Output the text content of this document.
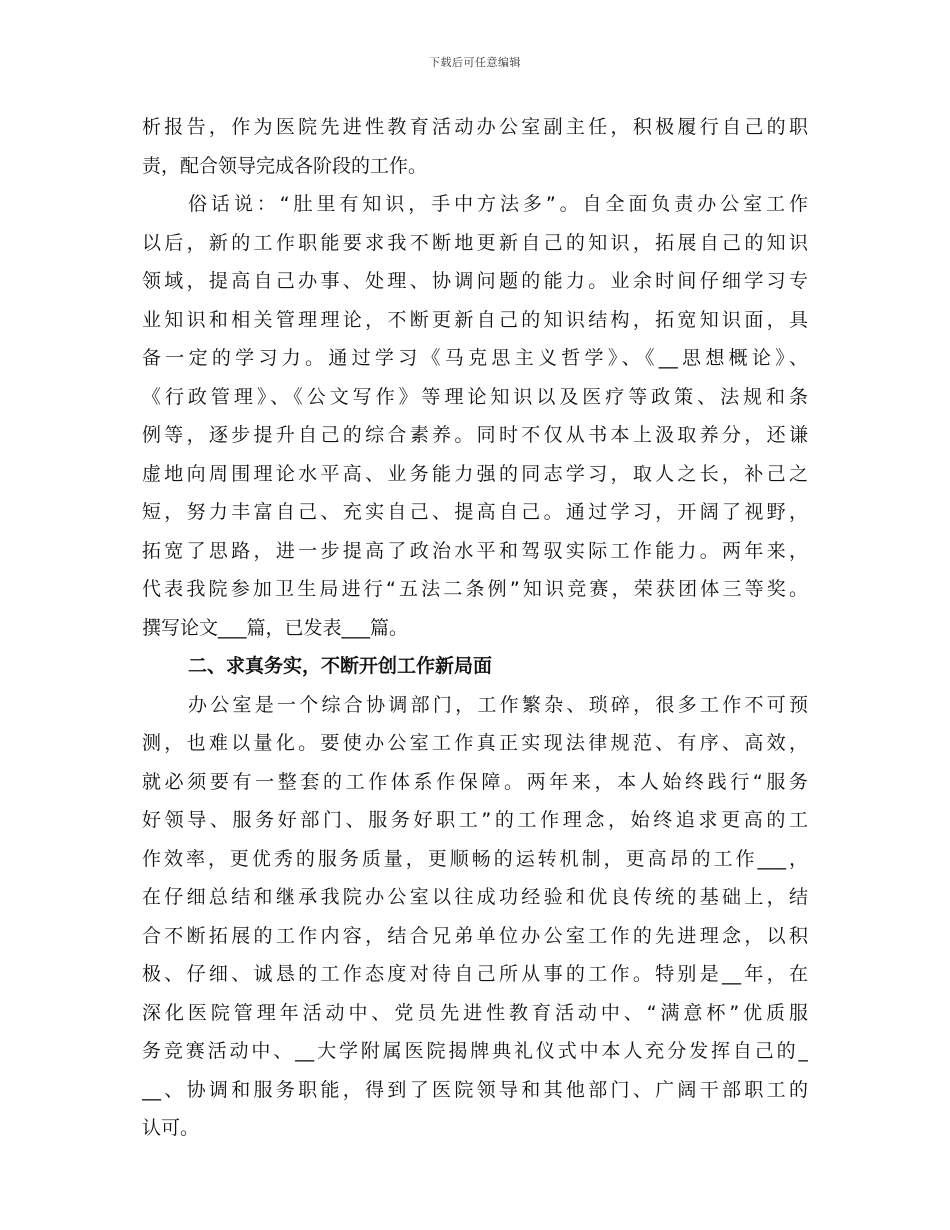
下载后可任意编辑
析报告，作为医院先进性教育活动办公室副主任，积极履行自己的职
责，配合领导完成各阶段的工作。
俗话说：“肚里有知识，手中方法多”。自全面负责办公室工作
以后，新的工作职能要求我不断地更新自己的知识，拓展自己的知识
领域，提高自己办事、处理、协调问题的能力。业余时间仔细学习专
业知识和相关管理理论，不断更新自己的知识结构，拓宽知识面，具
备一定的学习力。通过学习《马克思主义哲学》、《__思想概论》、
《行政管理》、《公文写作》等理论知识以及医疗等政策、法规和条
例等，逐步提升自己的综合素养。同时不仅从书本上汲取养分，还谦
虚地向周围理论水平高、业务能力强的同志学习，取人之长，补己之
短，努力丰富自己、充实自己、提高自己。通过学习，开阔了视野，
拓宽了思路，进一步提高了政治水平和驾驭实际工作能力。两年来，
代表我院参加卫生局进行“五法二条例”知识竞赛，荣获团体三等奖。
撰写论文___篇，已发表___篇。
二、求真务实，不断开创工作新局面
办公室是一个综合协调部门，工作繁杂、琐碎，很多工作不可预
测，也难以量化。要使办公室工作真正实现法律规范、有序、高效，
就必须要有一整套的工作体系作保障。两年来，本人始终践行“服务
好领导、服务好部门、服务好职工”的工作理念，始终追求更高的工
作效率，更优秀的服务质量，更顺畅的运转机制，更高昂的工作___，
在仔细总结和继承我院办公室以往成功经验和优良传统的基础上，结
合不断拓展的工作内容，结合兄弟单位办公室工作的先进理念，以积
极、仔细、诚恳的工作态度对待自己所从事的工作。特别是__年，在
深化医院管理年活动中、党员先进性教育活动中、“满意杯”优质服
务竞赛活动中、__大学附属医院揭牌典礼仪式中本人充分发挥自己的_
__、协调和服务职能，得到了医院领导和其他部门、广阔干部职工的
认可。
